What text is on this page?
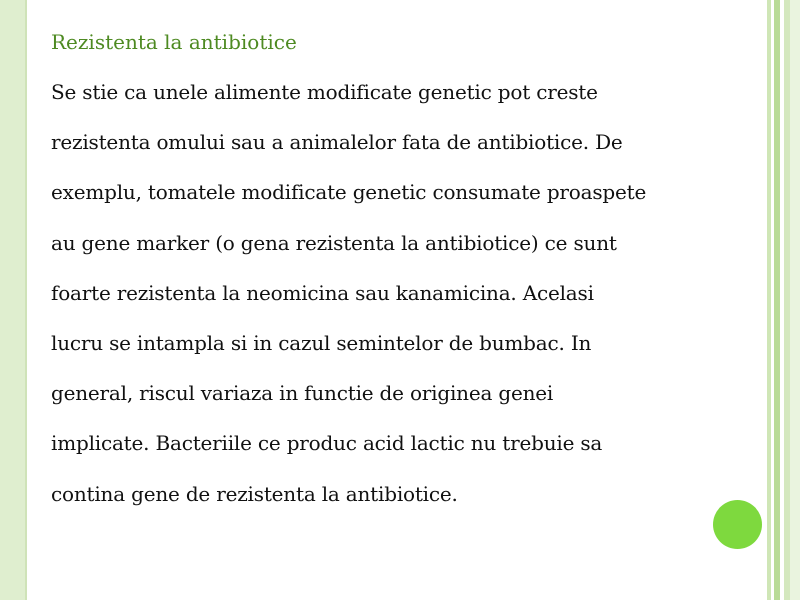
Rezistenta la antibiotice
Se stie ca unele alimente modificate genetic pot creste
rezistenta omului sau a animalelor fata de antibiotice. De
exemplu, tomatele modificate genetic consumate proaspete
au gene marker (o gena rezistenta la antibiotice) ce sunt
foarte rezistenta la neomicina sau kanamicina. Acelasi
lucru se intampla si in cazul semintelor de bumbac. In
general, riscul variaza in functie de originea genei
implicate. Bacteriile ce produc acid lactic nu trebuie sa
contina gene de rezistenta la antibiotice.
